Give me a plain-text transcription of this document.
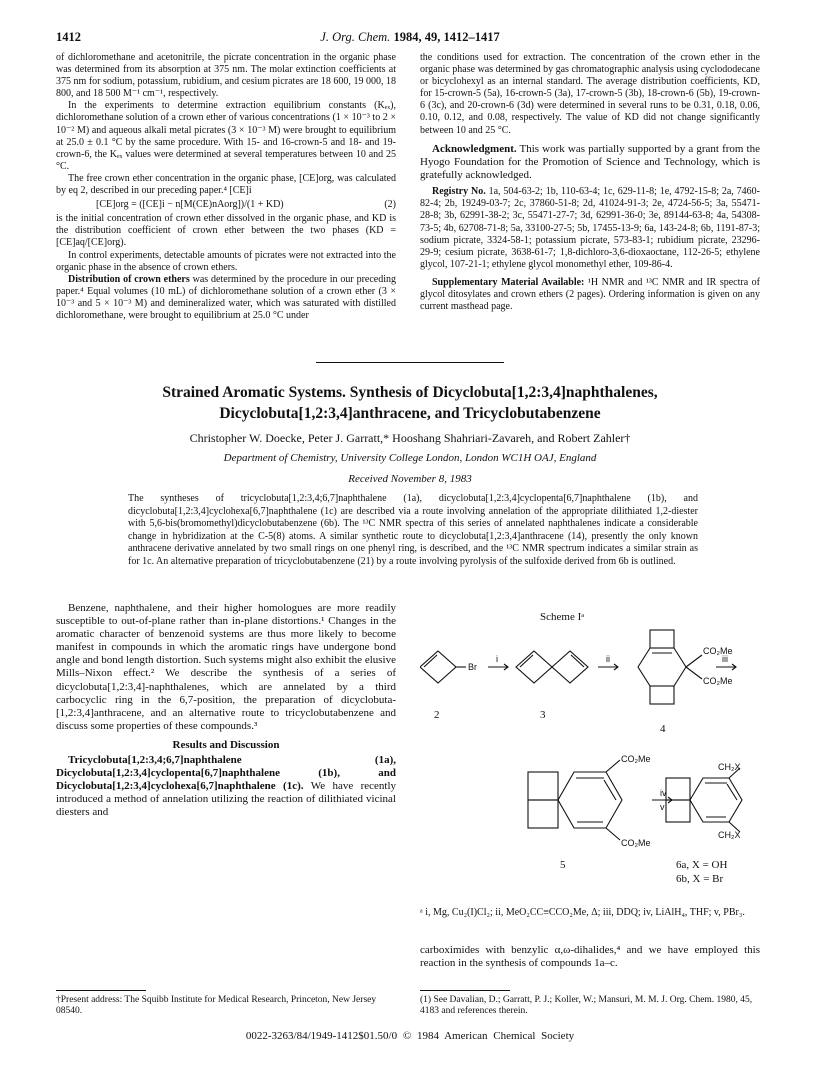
1412	J. Org. Chem. 1984, 49, 1412–1417

of dichloromethane and acetonitrile, the picrate concentration in the organic phase was determined from its absorption at 375 nm. The molar extinction coefficients at 375 nm for sodium, potassium, rubidium, and cesium picrates are 18 600, 19 000, 18 800, and 18 500 M⁻¹ cm⁻¹, respectively.

In the experiments to determine extraction equilibrium constants (Kₑₓ), dichloromethane solution of a crown ether of various concentrations (1 × 10⁻³ to 2 × 10⁻² M) and aqueous alkali metal picrates (3 × 10⁻³ M) were brought to equilibrium at 25.0 ± 0.1 °C by the same procedure. With 15- and 16-crown-5 and 18- and 19-crown-6, the Kₑₓ values were determined at several temperatures between 10 and 25 °C.

The free crown ether concentration in the organic phase, [CE]org, was calculated by eq 2, described in our preceding paper.⁴ [CE]i

[CE]org = ([CE]i − n[M(CE)nAorg])/(1 + KD)	(2)

is the initial concentration of crown ether dissolved in the organic phase, and KD is the distribution coefficient of crown ether between the two phases (KD = [CE]aq/[CE]org).

In control experiments, detectable amounts of picrates were not extracted into the organic phase in the absence of crown ethers.

Distribution of crown ethers was determined by the procedure in our preceding paper.⁴ Equal volumes (10 mL) of dichloromethane solution of a crown ether (3 × 10⁻³ and 5 × 10⁻³ M) and demineralized water, which was saturated with distilled dichloromethane, were brought to equilibrium at 25.0 °C under

the conditions used for extraction. The concentration of the crown ether in the organic phase was determined by gas chromatographic analysis using cyclododecane or bicyclohexyl as an internal standard. The average distribution coefficients, KD, for 15-crown-5 (5a), 16-crown-5 (3a), 17-crown-5 (3b), 18-crown-6 (5b), 19-crown-6 (3c), and 20-crown-6 (3d) were determined in several runs to be 0.31, 0.18, 0.06, 0.10, 0.12, and 0.08, respectively. The value of KD did not change significantly between 10 and 25 °C.

Acknowledgment. This work was partially supported by a grant from the Hyogo Foundation for the Promotion of Science and Technology, which is gratefully acknowledged.

Registry No. 1a, 504-63-2; 1b, 110-63-4; 1c, 629-11-8; 1e, 4792-15-8; 2a, 7460-82-4; 2b, 19249-03-7; 2c, 37860-51-8; 2d, 41024-91-3; 2e, 4724-56-5; 3a, 55471-28-8; 3b, 62991-38-2; 3c, 55471-27-7; 3d, 62991-36-0; 3e, 89144-63-8; 4a, 54308-73-5; 4b, 62708-71-8; 5a, 33100-27-5; 5b, 17455-13-9; 6a, 143-24-8; 6b, 1191-87-3; sodium picrate, 3324-58-1; potassium picrate, 573-83-1; rubidium picrate, 23296-29-9; cesium picrate, 3638-61-7; 1,8-dichloro-3,6-dioxaoctane, 112-26-5; ethylene glycol, 107-21-1; ethylene glycol monomethyl ether, 109-86-4.

Supplementary Material Available: ¹H NMR and ¹³C NMR and IR spectra of glycol ditosylates and crown ethers (2 pages). Ordering information is given on any current masthead page.

Strained Aromatic Systems. Synthesis of Dicyclobuta[1,2:3,4]naphthalenes,
Dicyclobuta[1,2:3,4]anthracene, and Tricyclobutabenzene
Christopher W. Doecke, Peter J. Garratt,* Hooshang Shahriari-Zavareh, and Robert Zahler†
Department of Chemistry, University College London, London WC1H OAJ, England
Received November 8, 1983

The syntheses of tricyclobuta[1,2:3,4;6,7]naphthalene (1a), dicyclobuta[1,2:3,4]cyclopenta[6,7]naphthalene (1b), and dicyclobuta[1,2:3,4]cyclohexa[6,7]naphthalene (1c) are described via a route involving annelation of the appropriate dilithiated 1,2-diester with 5,6-bis(bromomethyl)dicyclobutabenzene (6b). The ¹³C NMR spectra of this series of annelated naphthalenes indicate a considerable change in hybridization at the C-5(8) atoms. A similar synthetic route to dicyclobuta[1,2:3,4]anthracene (14), presently the only known anthracene derivative annelated by two small rings on one phenyl ring, is described, and the ¹³C NMR spectrum indicates a similar strain as for 1c. An alternative preparation of tricyclobutabenzene (21) by a route involving pyrolysis of the sulfoxide derived from 6b is outlined.

Benzene, naphthalene, and their higher homologues are more readily susceptible to out-of-plane rather than in-plane distortions.¹ Changes in the aromatic character of benzenoid systems are thus more likely to become manifest in compounds in which the aromatic rings have undergone bond angle and bond length distortion. Such systems might also exhibit the elusive Mills–Nixon effect.² We describe the synthesis of a series of dicyclobuta[1,2:3,4]-naphthalenes, which are annelated by a third carbocyclic ring in the 6,7-position, the preparation of dicyclobuta-[1,2:3,4]anthracene, and an alternative route to tricyclobutabenzene and discuss some properties of these compounds.³

Results and Discussion

Tricyclobuta[1,2:3,4;6,7]naphthalene (1a), Dicyclobuta[1,2:3,4]cyclopenta[6,7]naphthalene (1b), and Dicyclobuta[1,2:3,4]cyclohexa[6,7]naphthalene (1c). We have recently introduced a method of annelation utilizing the reaction of dilithiated vicinal diesters and

Scheme Iᵃ
Br
i	ii	iii
iv
v
CO₂Me
CO₂Me
CO₂Me
CO₂Me
CH₂X
CH₂X
2	3
4
5	6a, X = OH
6b, X = Br
ᵃ i, Mg, Cu₂(I)Cl₂; ii, MeO₂CC≡CCO₂Me, Δ; iii, DDQ; iv, LiAlH₄, THF; v, PBr₃.

carboximides with benzylic α,ω-dihalides,⁴ and we have employed this reaction in the synthesis of compounds 1a–c.

†Present address: The Squibb Institute for Medical Research, Princeton, New Jersey 08540.

(1) See Davalian, D.; Garratt, P. J.; Koller, W.; Mansuri, M. M. J. Org. Chem. 1980, 45, 4183 and references therein.

0022-3263/84/1949-1412$01.50/0 © 1984 American Chemical Society
